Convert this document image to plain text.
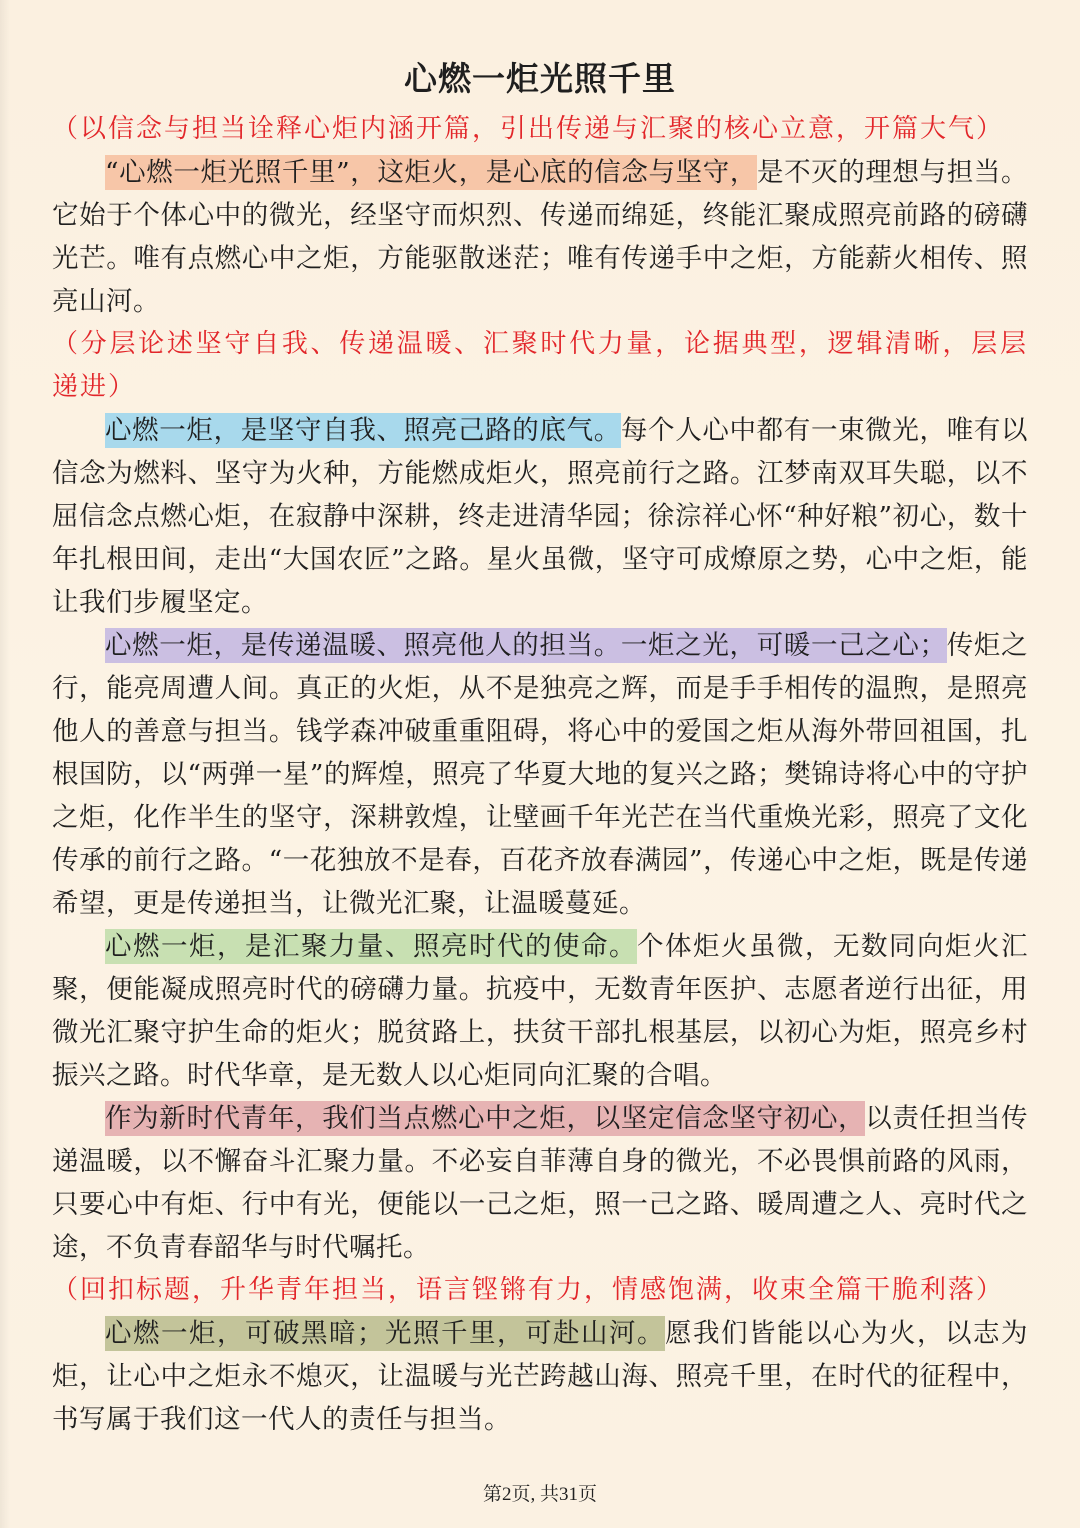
心燃一炬光照千里

（以信念与担当诠释心炬内涵开篇，引出传递与汇聚的核心立意，开篇大气）

“心燃一炬光照千里”，这炬火，是心底的信念与坚守，是不灭的理想与担当。它始于个体心中的微光，经坚守而炽烈、传递而绵延，终能汇聚成照亮前路的磅礴光芒。唯有点燃心中之炬，方能驱散迷茫；唯有传递手中之炬，方能薪火相传、照亮山河。

（分层论述坚守自我、传递温暖、汇聚时代力量，论据典型，逻辑清晰，层层递进）

心燃一炬，是坚守自我、照亮己路的底气。每个人心中都有一束微光，唯有以信念为燃料、坚守为火种，方能燃成炬火，照亮前行之路。江梦南双耳失聪，以不屈信念点燃心炬，在寂静中深耕，终走进清华园；徐淙祥心怀“种好粮”初心，数十年扎根田间，走出“大国农匠”之路。星火虽微，坚守可成燎原之势，心中之炬，能让我们步履坚定。

心燃一炬，是传递温暖、照亮他人的担当。一炬之光，可暖一己之心；传炬之行，能亮周遭人间。真正的火炬，从不是独亮之辉，而是手手相传的温煦，是照亮他人的善意与担当。钱学森冲破重重阻碍，将心中的爱国之炬从海外带回祖国，扎根国防，以“两弹一星”的辉煌，照亮了华夏大地的复兴之路；樊锦诗将心中的守护之炬，化作半生的坚守，深耕敦煌，让壁画千年光芒在当代重焕光彩，照亮了文化传承的前行之路。“一花独放不是春，百花齐放春满园”，传递心中之炬，既是传递希望，更是传递担当，让微光汇聚，让温暖蔓延。

心燃一炬，是汇聚力量、照亮时代的使命。个体炬火虽微，无数同向炬火汇聚，便能凝成照亮时代的磅礴力量。抗疫中，无数青年医护、志愿者逆行出征，用微光汇聚守护生命的炬火；脱贫路上，扶贫干部扎根基层，以初心为炬，照亮乡村振兴之路。时代华章，是无数人以心炬同向汇聚的合唱。

作为新时代青年，我们当点燃心中之炬，以坚定信念坚守初心，以责任担当传递温暖，以不懈奋斗汇聚力量。不必妄自菲薄自身的微光，不必畏惧前路的风雨，只要心中有炬、行中有光，便能以一己之炬，照一己之路、暖周遭之人、亮时代之途，不负青春韶华与时代嘱托。

（回扣标题，升华青年担当，语言铿锵有力，情感饱满，收束全篇干脆利落）

心燃一炬，可破黑暗；光照千里，可赴山河。愿我们皆能以心为火，以志为炬，让心中之炬永不熄灭，让温暖与光芒跨越山海、照亮千里，在时代的征程中，书写属于我们这一代人的责任与担当。

第2页, 共31页
